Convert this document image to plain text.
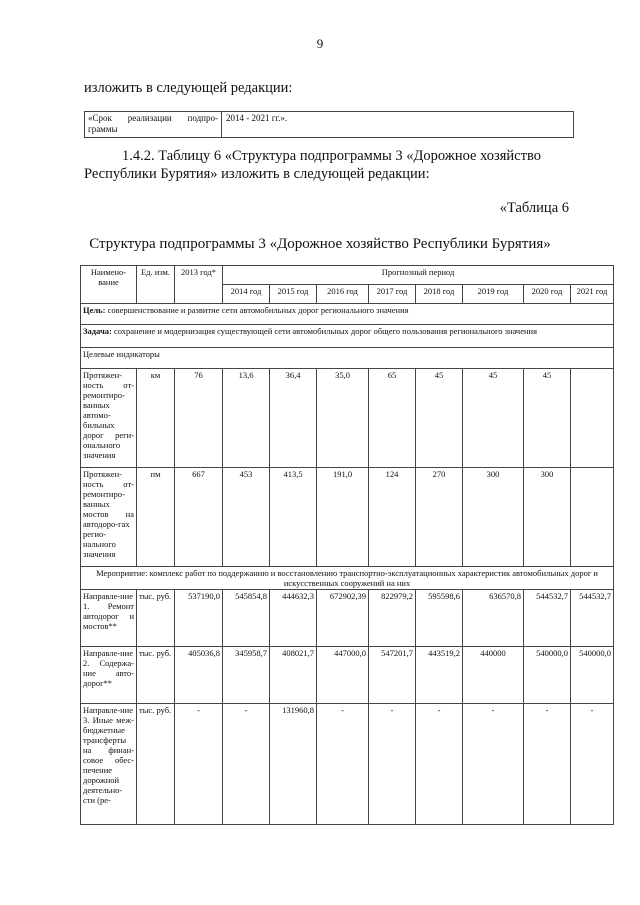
9
изложить в следующей редакции:
«Срок реализации подпро-граммы
2014 - 2021 гг.».
1.4.2. Таблицу 6 «Структура подпрограммы 3 «Дорожное хозяйство
Республики Бурятия» изложить в следующей редакции:
«Таблица 6
Структура подпрограммы 3 «Дорожное хозяйство Республики Бурятия»
Наимено-вание	Ед. изм.	2013 год*	Прогнозный период							
			2014 год	2015 год	2016 год	2017 год	2018 год	2019 год	2020 год	2021 год
Цель: совершенствование и развитие сети автомобильных дорог регионального значения										
Задача: сохранение и модернизация существующей сети автомобильных дорог общего пользования регионального значения										
Целевые индикаторы										
Протяжен-ность от-ремонтиро-ванных автомо-бильных дорог реги-онального значения	км	76	13,6	36,4	35,0	65	45	45	45	
Протяжен-ность от-ремонтиро-ванных мостов на автодоро-гах регио-нального значения	пм	667	453	413,5	191,0	124	270	300	300	
Мероприятие: комплекс работ по поддержанию и восстановлению транспортно-эксплуатационных характеристик автомобильных дорог и искусственных сооружений на них										
Направле-ние 1. Ремонт автодорог и мостов**	тыс. руб.	537190,0	545854,8	444632,3	672902,39	822979,2	595598,6	636570,8	544532,7	544532,7
Направле-ние 2. Содержа-ние авто-дорог**	тыс. руб.	405036,8	345958,7	408021,7	447000,0	547201,7	443519,2	440000	540000,0	540000,0
Направле-ние 3. Иные меж-бюджетные трансферты на финан-совое обес-печение дорожной деятельно-сти (ре-	тыс. руб.	-	-	131960,8	-	-	-	-	-	-
